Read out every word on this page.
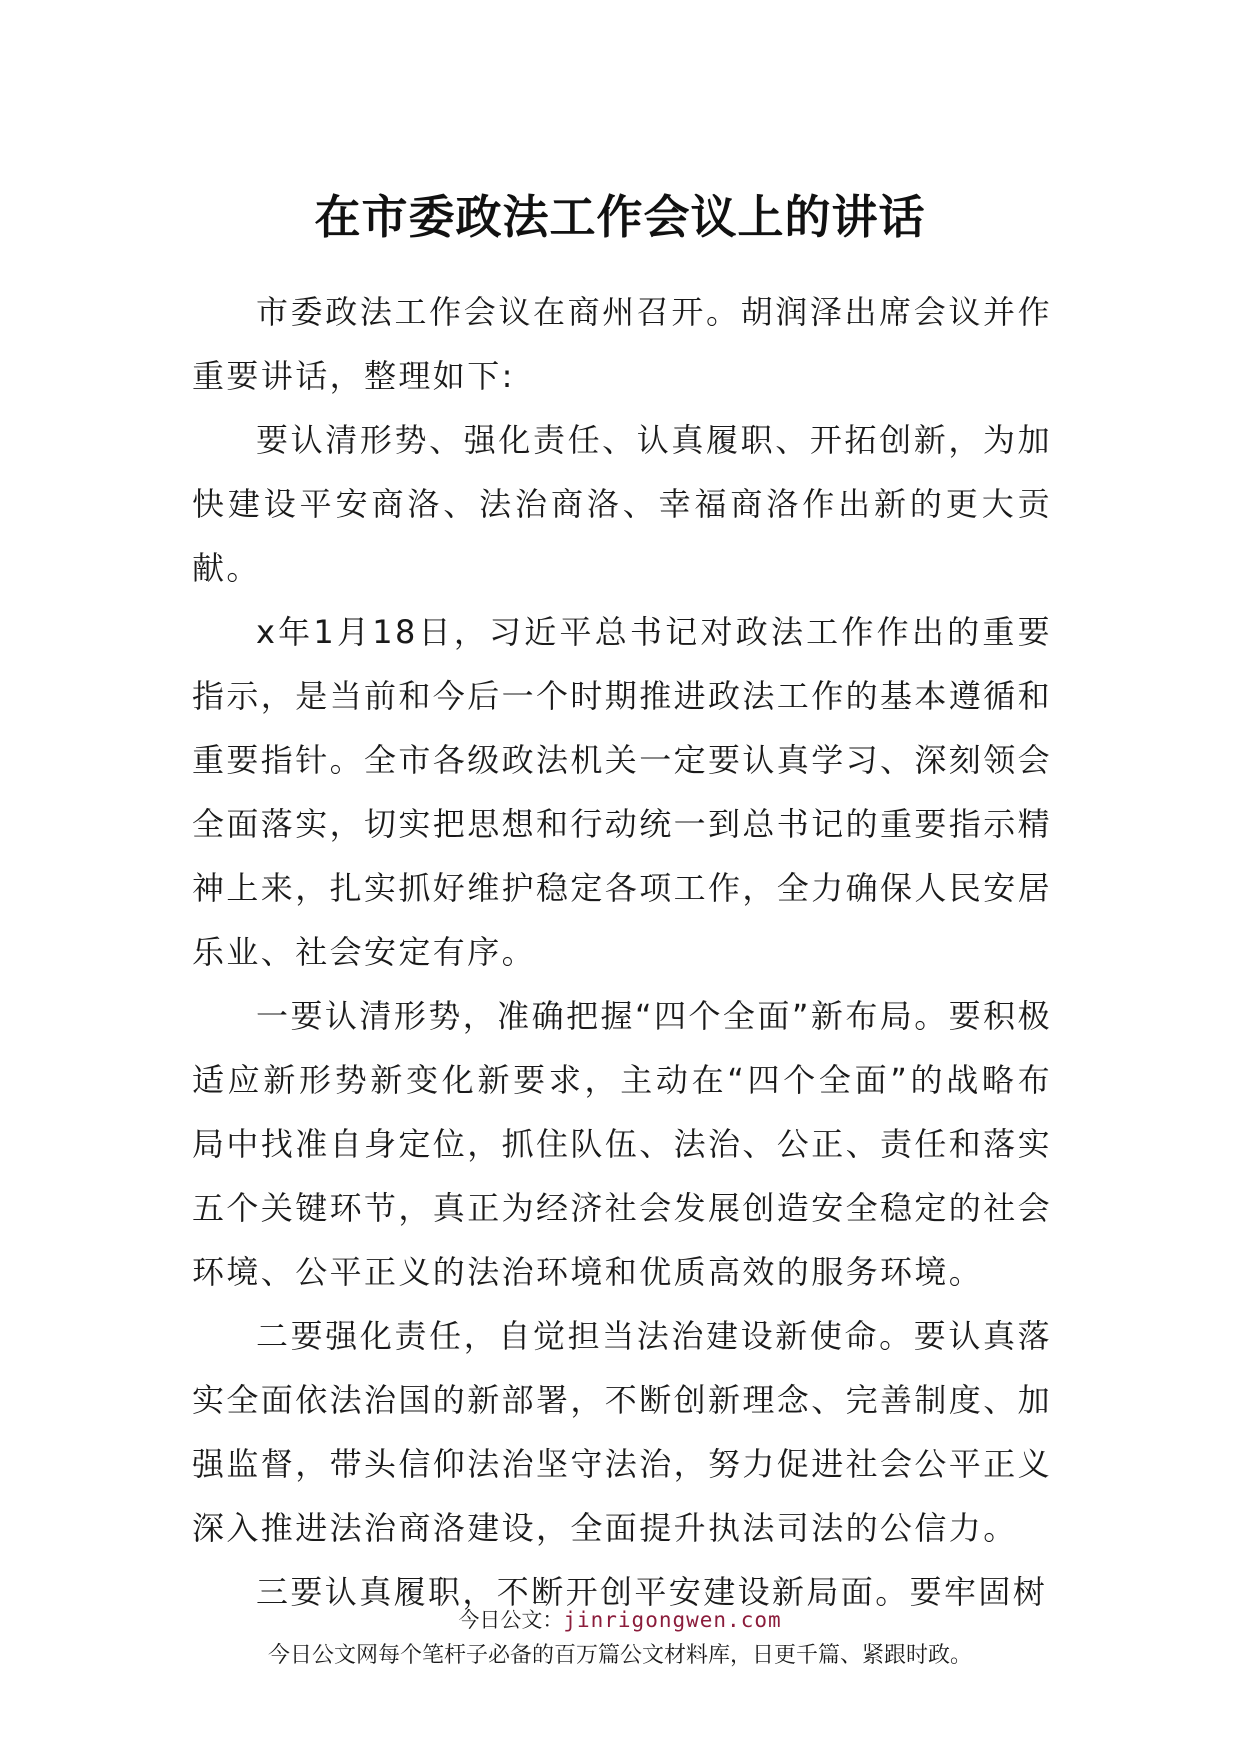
在市委政法工作会议上的讲话

市委政法工作会议在商州召开。胡润泽出席会议并作重要讲话，整理如下:

要认清形势、强化责任、认真履职、开拓创新，为加快建设平安商洛、法治商洛、幸福商洛作出新的更大贡献。

x年1月18日，习近平总书记对政法工作作出的重要指示，是当前和今后一个时期推进政法工作的基本遵循和重要指针。全市各级政法机关一定要认真学习、深刻领会全面落实，切实把思想和行动统一到总书记的重要指示精神上来，扎实抓好维护稳定各项工作，全力确保人民安居乐业、社会安定有序。

一要认清形势，准确把握“四个全面”新布局。要积极适应新形势新变化新要求，主动在“四个全面”的战略布局中找准自身定位，抓住队伍、法治、公正、责任和落实五个关键环节，真正为经济社会发展创造安全稳定的社会环境、公平正义的法治环境和优质高效的服务环境。

二要强化责任，自觉担当法治建设新使命。要认真落实全面依法治国的新部署，不断创新理念、完善制度、加强监督，带头信仰法治坚守法治，努力促进社会公平正义深入推进法治商洛建设，全面提升执法司法的公信力。

三要认真履职，不断开创平安建设新局面。要牢固树

今日公文：jinrigongwen.com
今日公文网每个笔杆子必备的百万篇公文材料库，日更千篇、紧跟时政。
